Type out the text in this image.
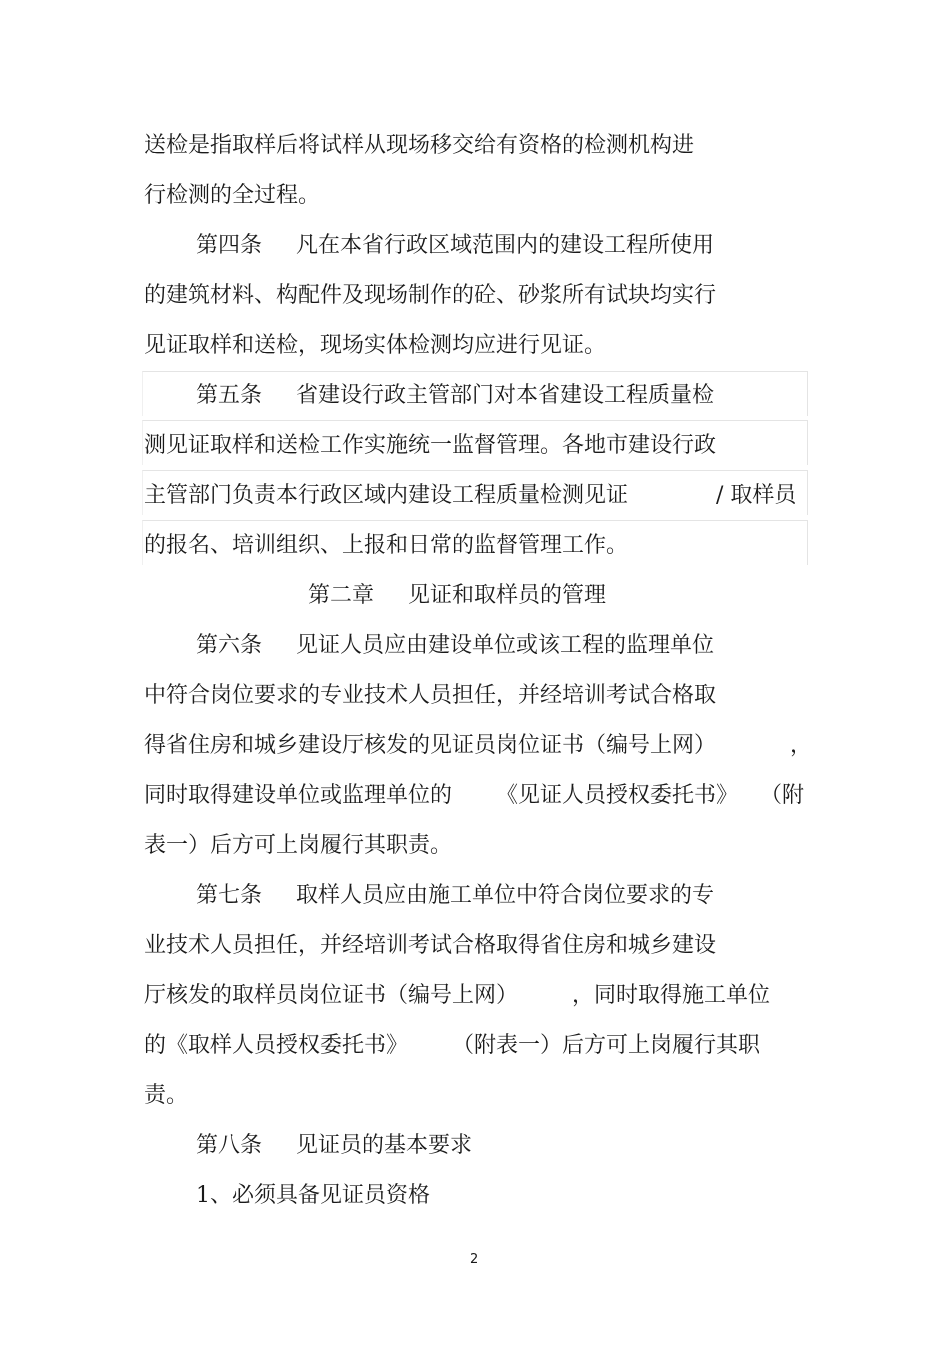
送检是指取样后将试样从现场移交给有资格的检测机构进
行检测的全过程。
第四条 凡在本省行政区域范围内的建设工程所使用
的建筑材料、构配件及现场制作的砼、砂浆所有试块均实行
见证取样和送检，现场实体检测均应进行见证。
第五条 省建设行政主管部门对本省建设工程质量检
测见证取样和送检工作实施统一监督管理。各地市建设行政
主管部门负责本行政区域内建设工程质量检测见证	/ 取样员
的报名、培训组织、上报和日常的监督管理工作。
第二章 见证和取样员的管理
第六条 见证人员应由建设单位或该工程的监理单位
中符合岗位要求的专业技术人员担任，并经培训考试合格取
得省住房和城乡建设厅核发的见证员岗位证书（编号上网）	，
同时取得建设单位或监理单位的 《见证人员授权委托书》 （附
表一）后方可上岗履行其职责。
第七条 取样人员应由施工单位中符合岗位要求的专
业技术人员担任，并经培训考试合格取得省住房和城乡建设
厅核发的取样员岗位证书（编号上网） ，同时取得施工单位
的《取样人员授权委托书》 （附表一）后方可上岗履行其职
责。
第八条 见证员的基本要求
1、必须具备见证员资格
2
